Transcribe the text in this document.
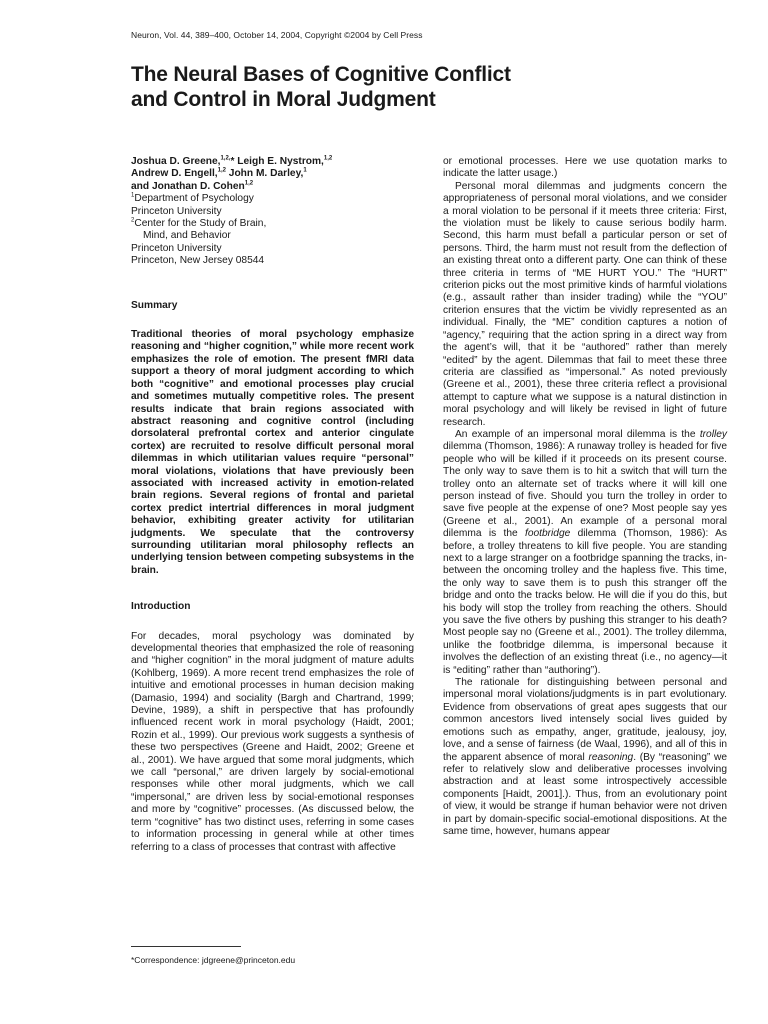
Neuron, Vol. 44, 389–400, October 14, 2004, Copyright ©2004 by Cell Press
The Neural Bases of Cognitive Conflict
and Control in Moral Judgment
Joshua D. Greene,$^{1,2,}$* Leigh E. Nystrom,$^{1,2}$
Andrew D. Engell,$^{1,2}$ John M. Darley,$^1$
and Jonathan D. Cohen$^{1,2}$
$^1$Department of Psychology
Princeton University
$^2$Center for the Study of Brain,
Mind, and Behavior
Princeton University
Princeton, New Jersey 08544
Summary

Traditional theories of moral psychology emphasize reasoning and “higher cognition,” while more recent work emphasizes the role of emotion. The present fMRI data support a theory of moral judgment according to which both “cognitive” and emotional processes play crucial and sometimes mutually competitive roles. The present results indicate that brain regions associated with abstract reasoning and cognitive control (including dorsolateral prefrontal cortex and anterior cingulate cortex) are recruited to resolve difficult personal moral dilemmas in which utilitarian values require “personal” moral violations, violations that have previously been associated with increased activity in emotion-related brain regions. Several regions of frontal and parietal cortex predict intertrial differences in moral judgment behavior, exhibiting greater activity for utilitarian judgments. We speculate that the controversy surrounding utilitarian moral philosophy reflects an underlying tension between competing subsystems in the brain.

Introduction

For decades, moral psychology was dominated by developmental theories that emphasized the role of reasoning and “higher cognition” in the moral judgment of mature adults (Kohlberg, 1969). A more recent trend emphasizes the role of intuitive and emotional processes in human decision making (Damasio, 1994) and sociality (Bargh and Chartrand, 1999; Devine, 1989), a shift in perspective that has profoundly influenced recent work in moral psychology (Haidt, 2001; Rozin et al., 1999). Our previous work suggests a synthesis of these two perspectives (Greene and Haidt, 2002; Greene et al., 2001). We have argued that some moral judgments, which we call “personal,” are driven largely by social-emotional responses while other moral judgments, which we call “impersonal,” are driven less by social-emotional responses and more by “cognitive” processes. (As discussed below, the term “cognitive” has two distinct uses, referring in some cases to information processing in general while at other times referring to a class of processes that contrast with affective

*Correspondence: jdgreene@princeton.edu

or emotional processes. Here we use quotation marks to indicate the latter usage.)

Personal moral dilemmas and judgments concern the appropriateness of personal moral violations, and we consider a moral violation to be personal if it meets three criteria: First, the violation must be likely to cause serious bodily harm. Second, this harm must befall a particular person or set of persons. Third, the harm must not result from the deflection of an existing threat onto a different party. One can think of these three criteria in terms of “ME HURT YOU.” The “HURT” criterion picks out the most primitive kinds of harmful violations (e.g., assault rather than insider trading) while the “YOU” criterion ensures that the victim be vividly represented as an individual. Finally, the “ME” condition captures a notion of “agency,” requiring that the action spring in a direct way from the agent’s will, that it be “authored” rather than merely “edited” by the agent. Dilemmas that fail to meet these three criteria are classified as “impersonal.” As noted previously (Greene et al., 2001), these three criteria reflect a provisional attempt to capture what we suppose is a natural distinction in moral psychology and will likely be revised in light of future research.

An example of an impersonal moral dilemma is the trolley dilemma (Thomson, 1986): A runaway trolley is headed for five people who will be killed if it proceeds on its present course. The only way to save them is to hit a switch that will turn the trolley onto an alternate set of tracks where it will kill one person instead of five. Should you turn the trolley in order to save five people at the expense of one? Most people say yes (Greene et al., 2001). An example of a personal moral dilemma is the footbridge dilemma (Thomson, 1986): As before, a trolley threatens to kill five people. You are standing next to a large stranger on a footbridge spanning the tracks, in-between the oncoming trolley and the hapless five. This time, the only way to save them is to push this stranger off the bridge and onto the tracks below. He will die if you do this, but his body will stop the trolley from reaching the others. Should you save the five others by pushing this stranger to his death? Most people say no (Greene et al., 2001). The trolley dilemma, unlike the footbridge dilemma, is impersonal because it involves the deflection of an existing threat (i.e., no agency—it is “editing” rather than “authoring”).

The rationale for distinguishing between personal and impersonal moral violations/judgments is in part evolutionary. Evidence from observations of great apes suggests that our common ancestors lived intensely social lives guided by emotions such as empathy, anger, gratitude, jealousy, joy, love, and a sense of fairness (de Waal, 1996), and all of this in the apparent absence of moral reasoning. (By “reasoning” we refer to relatively slow and deliberative processes involving abstraction and at least some introspectively accessible components [Haidt, 2001].). Thus, from an evolutionary point of view, it would be strange if human behavior were not driven in part by domain-specific social-emotional dispositions. At the same time, however, humans appear
